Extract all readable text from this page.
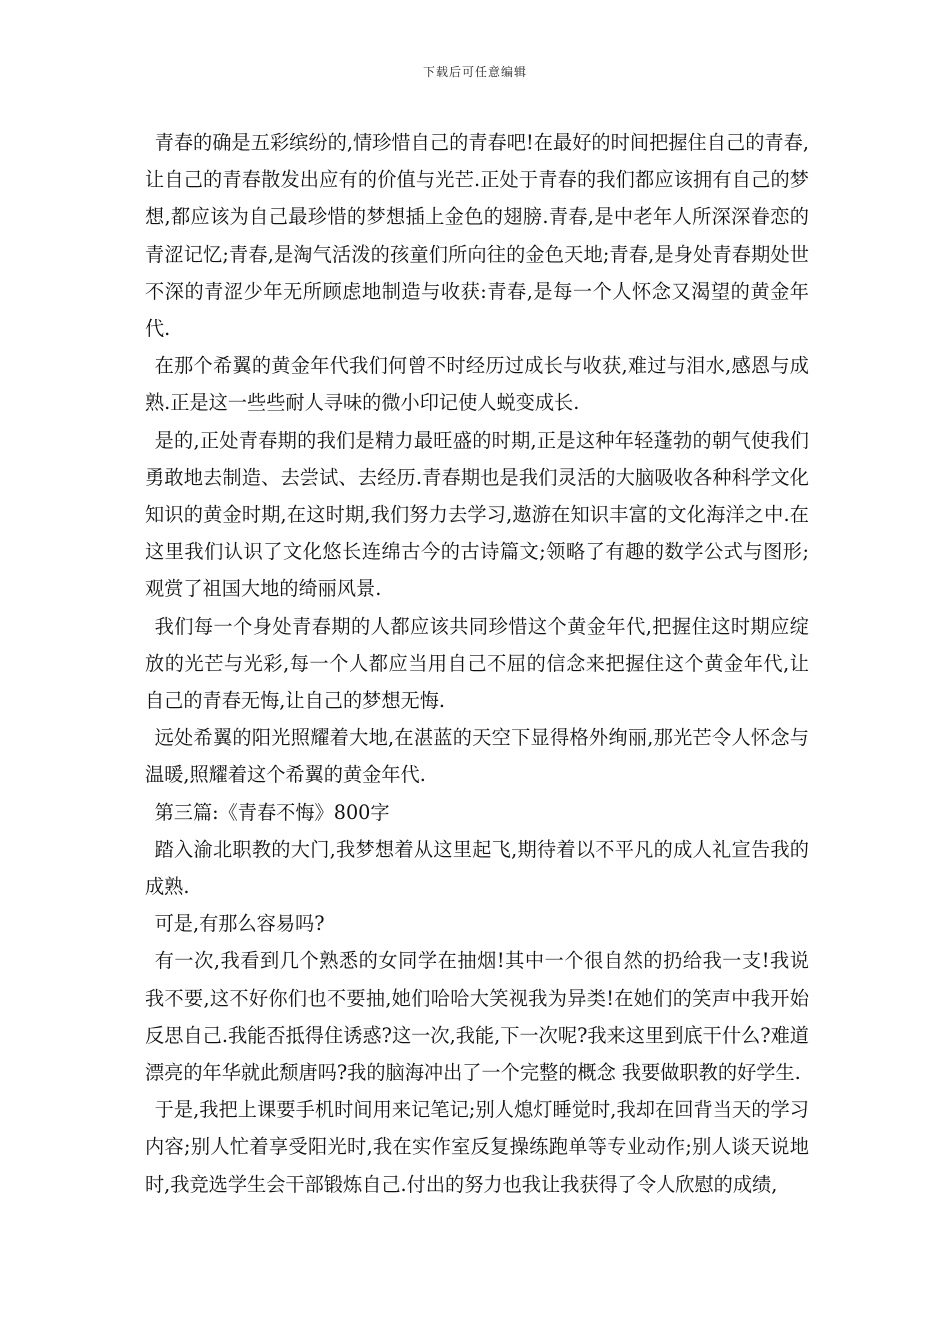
下载后可任意编辑

青春的确是五彩缤纷的,情珍惜自己的青春吧!在最好的时间把握住自己的青春,让自己的青春散发出应有的价值与光芒.正处于青春的我们都应该拥有自己的梦想,都应该为自己最珍惜的梦想插上金色的翅膀.青春,是中老年人所深深眷恋的青涩记忆;青春,是淘气活泼的孩童们所向往的金色天地;青春,是身处青春期处世不深的青涩少年无所顾虑地制造与收获:青春,是每一个人怀念又渴望的黄金年代.

在那个希翼的黄金年代我们何曾不时经历过成长与收获,难过与泪水,感恩与成熟.正是这一些些耐人寻味的微小印记使人蜕变成长.

是的,正处青春期的我们是精力最旺盛的时期,正是这种年轻蓬勃的朝气使我们勇敢地去制造、去尝试、去经历.青春期也是我们灵活的大脑吸收各种科学文化知识的黄金时期,在这时期,我们努力去学习,遨游在知识丰富的文化海洋之中.在这里我们认识了文化悠长连绵古今的古诗篇文;领略了有趣的数学公式与图形;观赏了祖国大地的绮丽风景.

我们每一个身处青春期的人都应该共同珍惜这个黄金年代,把握住这时期应绽放的光芒与光彩,每一个人都应当用自己不屈的信念来把握住这个黄金年代,让自己的青春无悔,让自己的梦想无悔.

远处希翼的阳光照耀着大地,在湛蓝的天空下显得格外绚丽,那光芒令人怀念与温暖,照耀着这个希翼的黄金年代.

第三篇:《青春不悔》800字

踏入渝北职教的大门,我梦想着从这里起飞,期待着以不平凡的成人礼宣告我的成熟.

可是,有那么容易吗?

有一次,我看到几个熟悉的女同学在抽烟!其中一个很自然的扔给我一支!我说我不要,这不好你们也不要抽,她们哈哈大笑视我为异类!在她们的笑声中我开始反思自己.我能否抵得住诱惑?这一次,我能,下一次呢?我来这里到底干什么?难道漂亮的年华就此颓唐吗?我的脑海冲出了一个完整的概念 我要做职教的好学生.

于是,我把上课要手机时间用来记笔记;别人熄灯睡觉时,我却在回背当天的学习内容;别人忙着享受阳光时,我在实作室反复操练跑单等专业动作;别人谈天说地时,我竞选学生会干部锻炼自己.付出的努力也我让我获得了令人欣慰的成绩,
